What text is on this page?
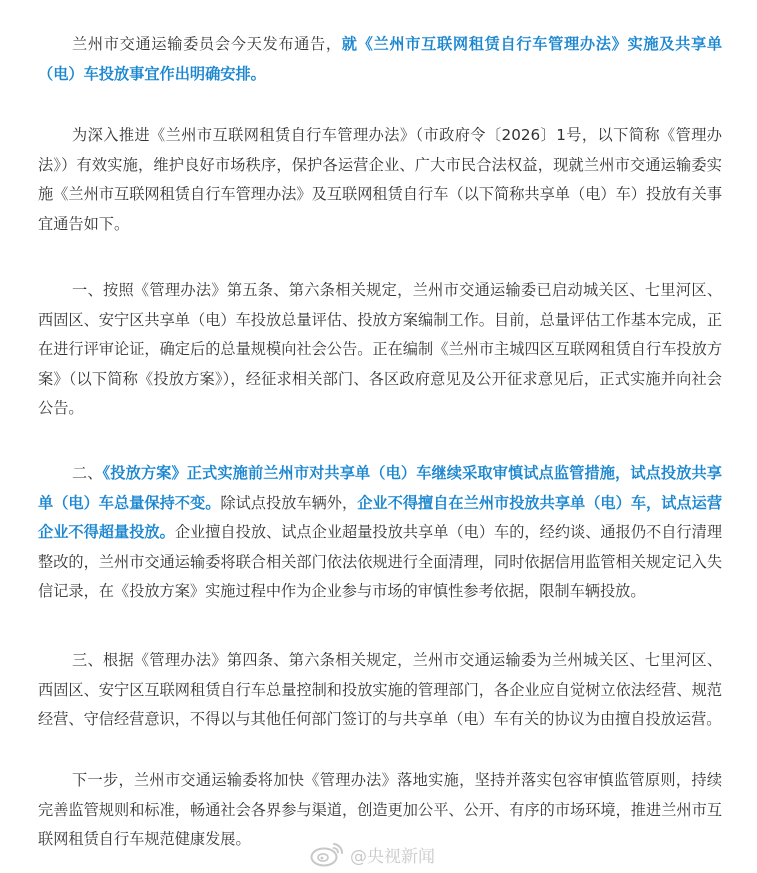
兰州市交通运输委员会今天发布通告，就《兰州市互联网租赁自行车管理办法》实施及共享单（电）车投放事宜作出明确安排。

为深入推进《兰州市互联网租赁自行车管理办法》（市政府令〔2026〕1号，以下简称《管理办法》）有效实施，维护良好市场秩序，保护各运营企业、广大市民合法权益，现就兰州市交通运输委实施《兰州市互联网租赁自行车管理办法》及互联网租赁自行车（以下简称共享单（电）车）投放有关事宜通告如下。

一、按照《管理办法》第五条、第六条相关规定，兰州市交通运输委已启动城关区、七里河区、西固区、安宁区共享单（电）车投放总量评估、投放方案编制工作。目前，总量评估工作基本完成，正在进行评审论证，确定后的总量规模向社会公告。正在编制《兰州市主城四区互联网租赁自行车投放方案》（以下简称《投放方案》），经征求相关部门、各区政府意见及公开征求意见后，正式实施并向社会公告。

二、《投放方案》正式实施前兰州市对共享单（电）车继续采取审慎试点监管措施，试点投放共享单（电）车总量保持不变。除试点投放车辆外，企业不得擅自在兰州市投放共享单（电）车，试点运营企业不得超量投放。企业擅自投放、试点企业超量投放共享单（电）车的，经约谈、通报仍不自行清理整改的，兰州市交通运输委将联合相关部门依法依规进行全面清理，同时依据信用监管相关规定记入失信记录，在《投放方案》实施过程中作为企业参与市场的审慎性参考依据，限制车辆投放。

三、根据《管理办法》第四条、第六条相关规定，兰州市交通运输委为兰州城关区、七里河区、西固区、安宁区互联网租赁自行车总量控制和投放实施的管理部门，各企业应自觉树立依法经营、规范经营、守信经营意识，不得以与其他任何部门签订的与共享单（电）车有关的协议为由擅自投放运营。

下一步，兰州市交通运输委将加快《管理办法》落地实施，坚持并落实包容审慎监管原则，持续完善监管规则和标准，畅通社会各界参与渠道，创造更加公平、公开、有序的市场环境，推进兰州市互联网租赁自行车规范健康发展。

@央视新闻
